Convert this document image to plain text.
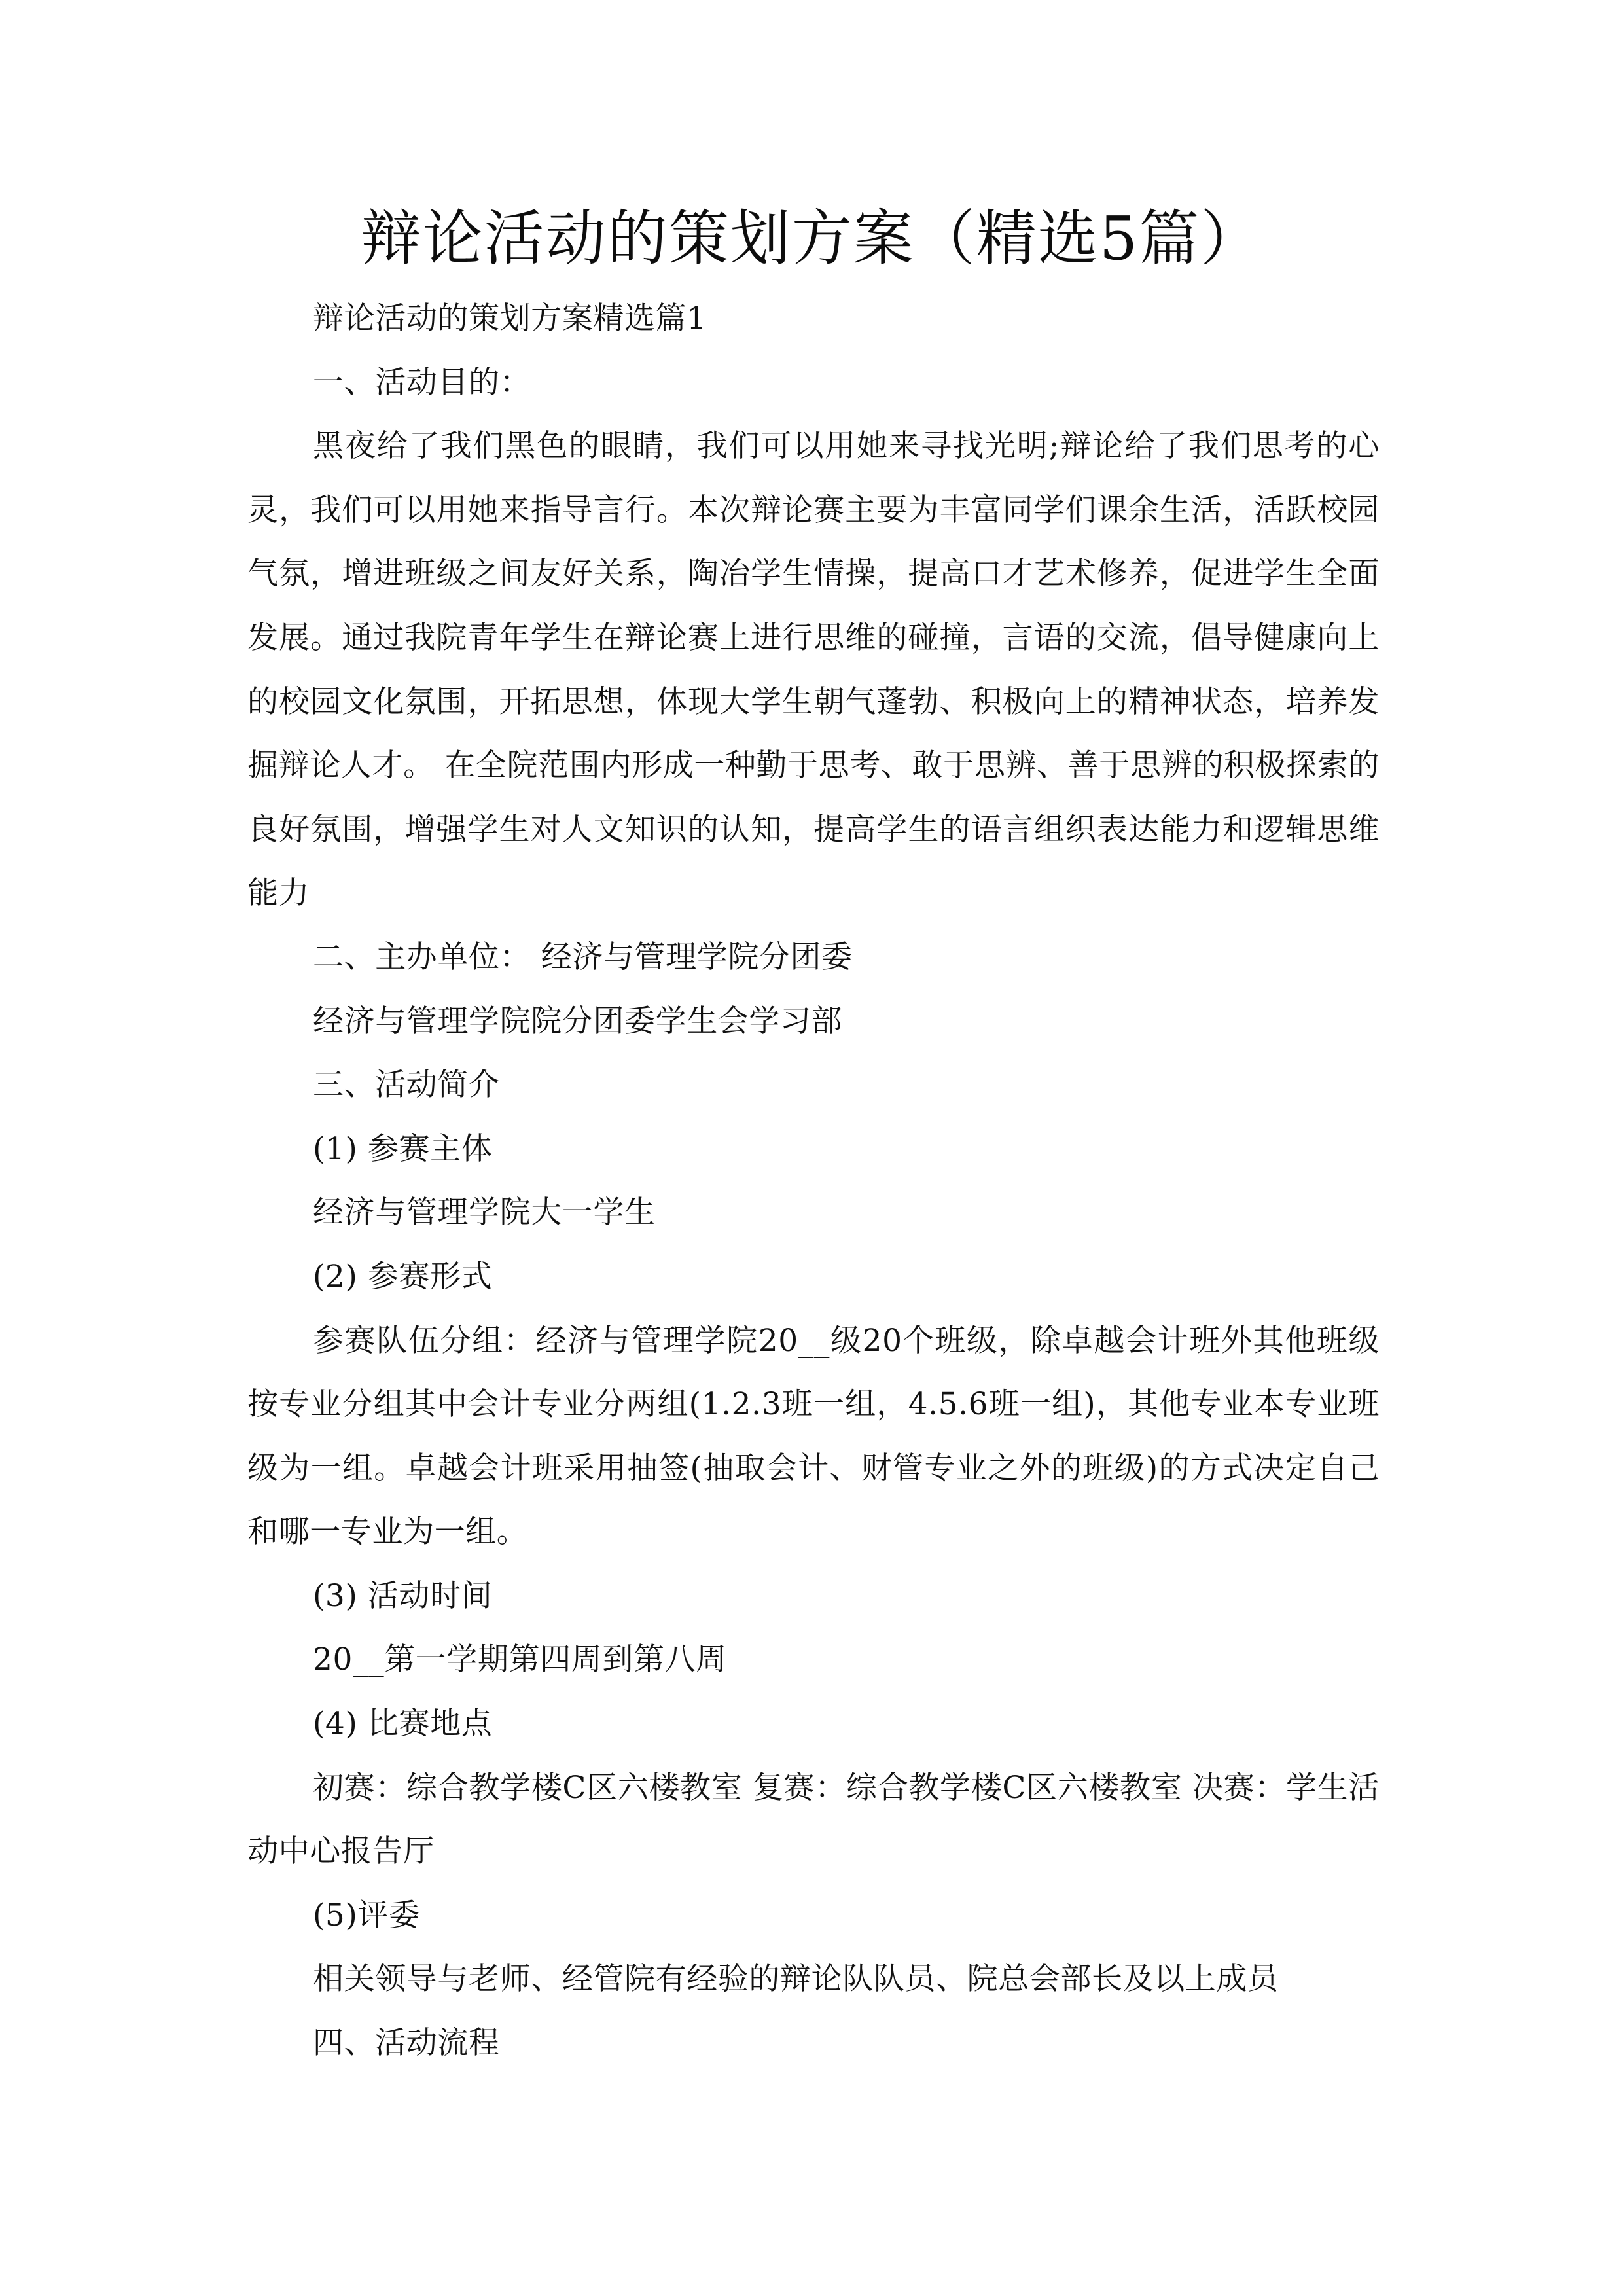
辩论活动的策划方案（精选5篇）

辩论活动的策划方案精选篇1

一、活动目的：

黑夜给了我们黑色的眼睛，我们可以用她来寻找光明;辩论给了我们思考的心灵，我们可以用她来指导言行。本次辩论赛主要为丰富同学们课余生活，活跃校园气氛，增进班级之间友好关系，陶冶学生情操，提高口才艺术修养，促进学生全面发展。通过我院青年学生在辩论赛上进行思维的碰撞，言语的交流，倡导健康向上的校园文化氛围，开拓思想，体现大学生朝气蓬勃、积极向上的精神状态，培养发掘辩论人才。 在全院范围内形成一种勤于思考、敢于思辨、善于思辨的积极探索的良好氛围，增强学生对人文知识的认知，提高学生的语言组织表达能力和逻辑思维能力

二、主办单位： 经济与管理学院分团委

经济与管理学院院分团委学生会学习部

三、活动简介

(1) 参赛主体

经济与管理学院大一学生

(2) 参赛形式

参赛队伍分组：经济与管理学院20__级20个班级，除卓越会计班外其他班级按专业分组其中会计专业分两组(1.2.3班一组，4.5.6班一组)，其他专业本专业班级为一组。卓越会计班采用抽签(抽取会计、财管专业之外的班级)的方式决定自己和哪一专业为一组。

(3) 活动时间

20__第一学期第四周到第八周

(4) 比赛地点

初赛：综合教学楼C区六楼教室 复赛：综合教学楼C区六楼教室 决赛：学生活动中心报告厅

(5)评委

相关领导与老师、经管院有经验的辩论队队员、院总会部长及以上成员

四、活动流程
